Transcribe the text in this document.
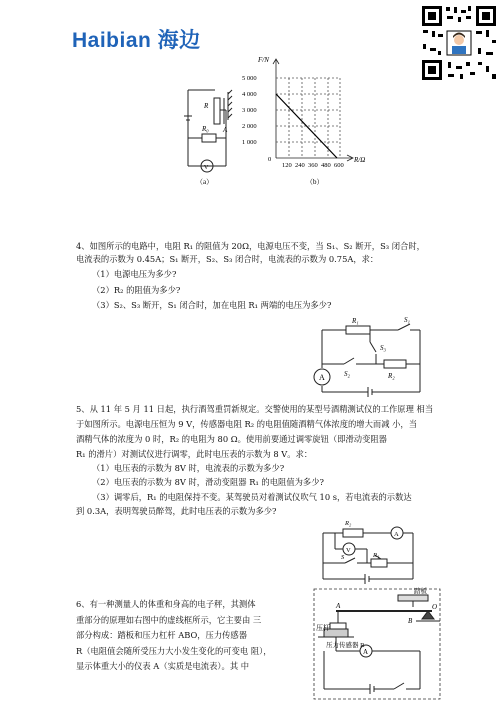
Haibian 海边
R
A
R₀
V
（a）
F/N
R/Ω
5 000
4 000
3 000
2 000
1 000
0
120 240 360 480 600
（b）
4、如图所示的电路中，电阻 R₁ 的阻值为 20Ω，电源电压不变，当 S₁、S₂ 断开，S₃ 闭合时，
电流表的示数为 0.45A；S₁ 断开，S₂、S₃ 闭合时，电流表的示数为 0.75A，求：
（1）电源电压为多少?
（2）R₂ 的阻值为多少?
（3）S₂、S₃ 断开，S₁ 闭合时，加在电阻 R₁ 两端的电压为多少?
R₁
R₂
S₁
S₂
S₃
A
5、从 11 年 5 月 11 日起，执行酒驾重罚新规定。交警使用的某型号酒精测试仪的工作原理 相当
于如图所示。电源电压恒为 9 V，传感器电阻 R₂ 的电阻值随酒精气体浓度的增大而减 小，当
酒精气体的浓度为 0 时，R₂ 的电阻为 80 Ω。使用前要通过调零旋钮（即滑动变阻器
R₁ 的滑片）对测试仪进行调零，此时电压表的示数为 8 V。求：
（1）电压表的示数为 8V 时，电流表的示数为多少?
（2）电压表的示数为 8V 时，滑动变阻器 R₁ 的电阻值为多少?
（3）调零后，R₁ 的电阻保持不变。某驾驶员对着测试仪吹气 10 s，若电流表的示数达
到 0.3A，表明驾驶员醉驾，此时电压表的示数为多少?
R₂
A
V
S	R₁
6、有一种测量人的体重和身高的电子秤，其测体
重部分的原理如右图中的虚线框所示，它主要由 三
部分构成：踏板和压力杠杆 ABO，压力传感器
R（电阻值会随所受压力大小发生变化的可变电 阻），
显示体重大小的仪表 A（实质是电流表）。其 中
踏板
压杆
A
B
O
压力传感器 R
A
